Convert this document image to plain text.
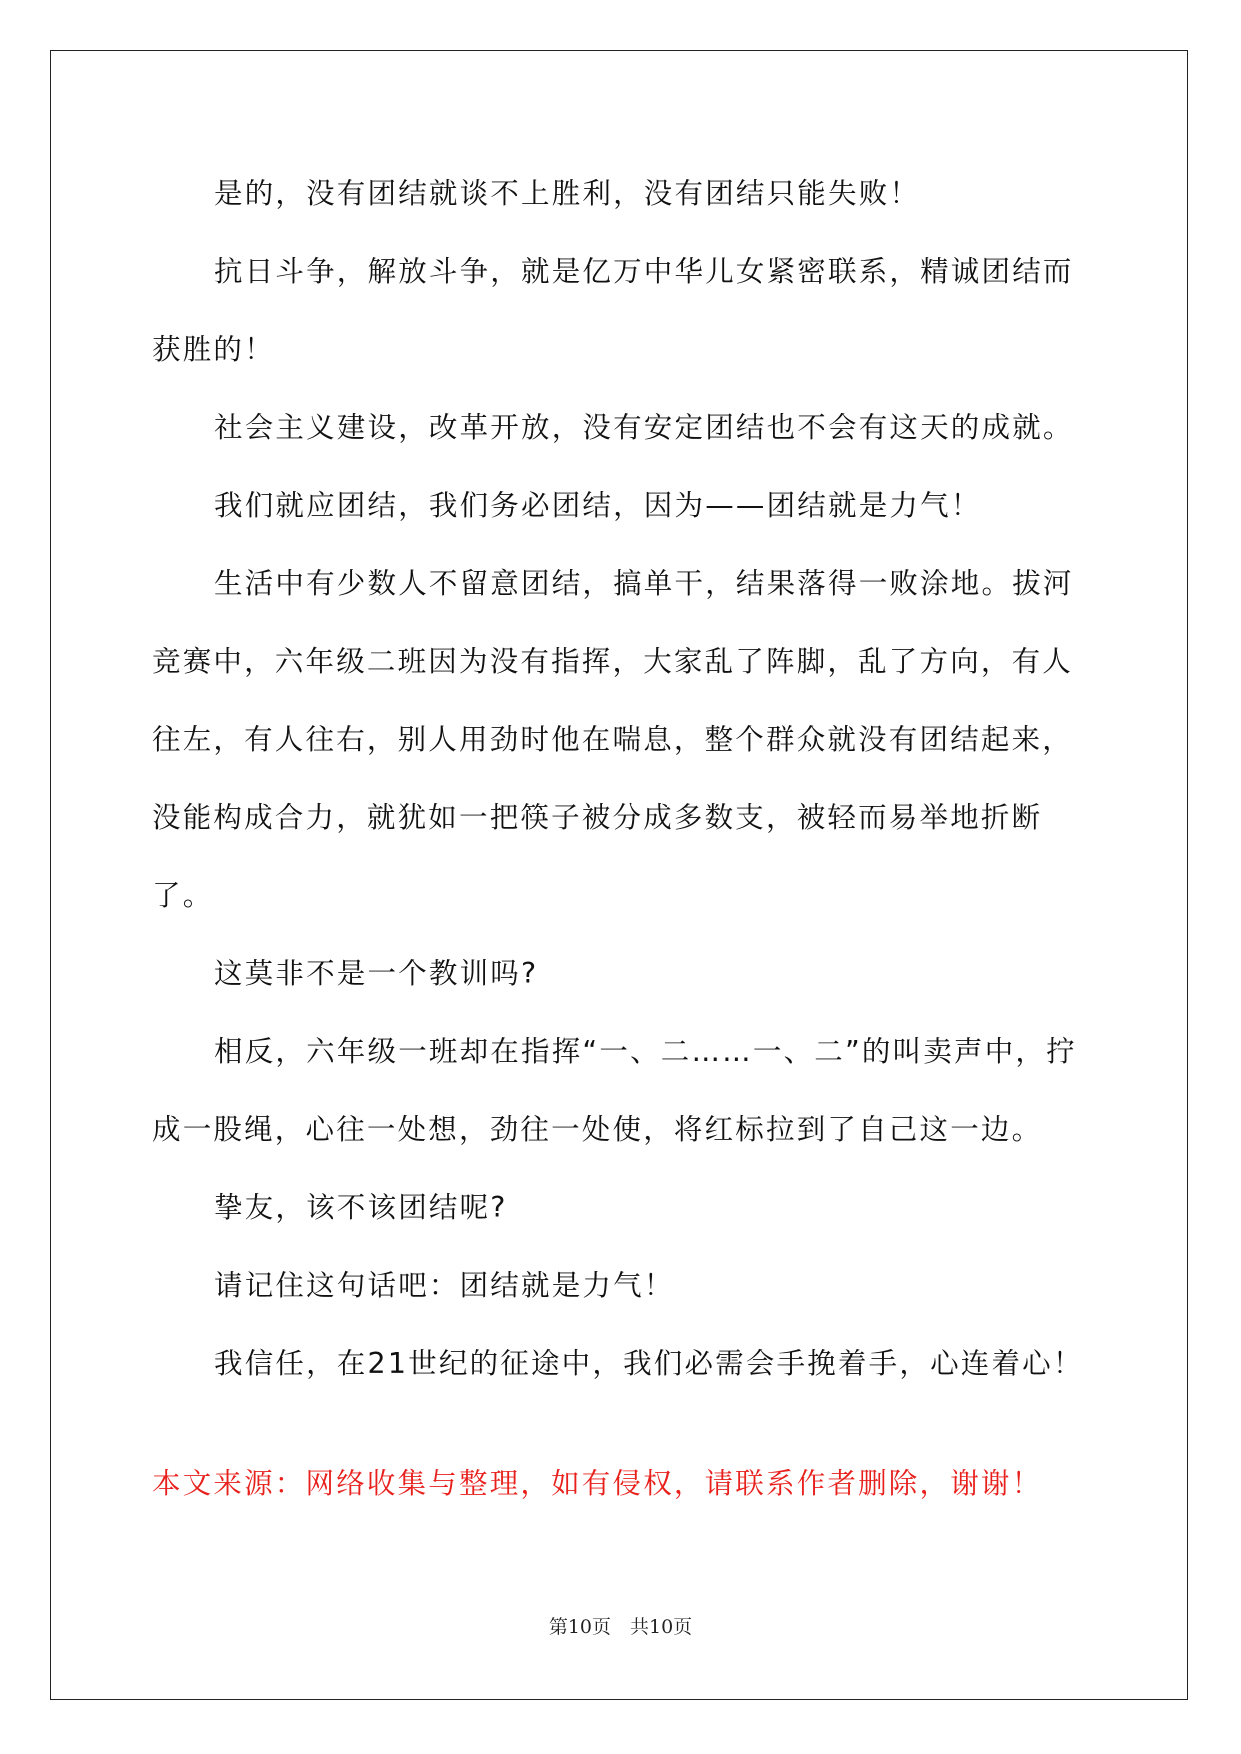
是的，没有团结就谈不上胜利，没有团结只能失败！

抗日斗争，解放斗争，就是亿万中华儿女紧密联系，精诚团结而获胜的！

社会主义建设，改革开放，没有安定团结也不会有这天的成就。

我们就应团结，我们务必团结，因为——团结就是力气！

生活中有少数人不留意团结，搞单干，结果落得一败涂地。拔河竞赛中，六年级二班因为没有指挥，大家乱了阵脚，乱了方向，有人往左，有人往右，别人用劲时他在喘息，整个群众就没有团结起来，没能构成合力，就犹如一把筷子被分成多数支，被轻而易举地折断了。

这莫非不是一个教训吗?

相反，六年级一班却在指挥“一、二……一、二”的叫卖声中，拧成一股绳，心往一处想，劲往一处使，将红标拉到了自己这一边。

挚友，该不该团结呢?

请记住这句话吧：团结就是力气！

我信任，在21世纪的征途中，我们必需会手挽着手，心连着心！

本文来源：网络收集与整理，如有侵权，请联系作者删除，谢谢！

第10页　共10页
